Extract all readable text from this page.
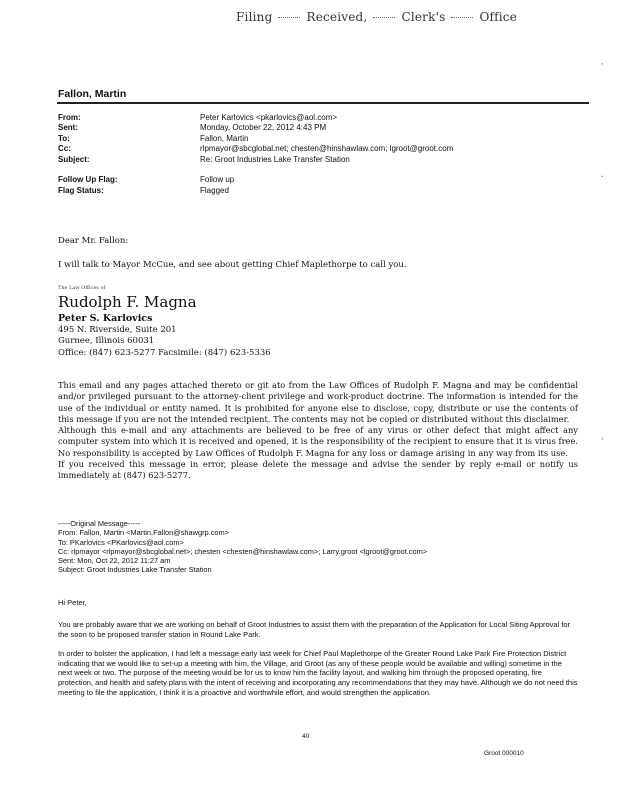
Filing	Received,	Clerk's	Office
·
.
·
Fallon, Martin
From:	Peter Karlovics <pkarlovics@aol.com>
Sent:	Monday, October 22, 2012 4:43 PM
To:	Fallon, Martin
Cc:	rlpmayor@sbcglobal.net; chesten@hinshawlaw.com; lgroot@groot.com
Subject:	Re: Groot Industries Lake Transfer Station
Follow Up Flag:	Follow up
Flag Status:	Flagged
Dear Mr. Fallon:
I will talk to Mayor McCue, and see about getting Chief Maplethorpe to call you.
The Law Offices of
Rudolph F. Magna
Peter S. Karlovics
495 N. Riverside, Suite 201
Gurnee, Illinois 60031
Office: (847) 623-5277 Facsimile: (847) 623-5336

This email and any pages attached thereto or git ato from the Law Offices of Rudolph F. Magna and may be confidential and/or privileged pursuant to the attorney-client privilege and work-product doctrine. The information is intended for the use of the individual or entity named. It is prohibited for anyone else to disclose, copy, distribute or use the contents of this message if you are not the intended recipient. The contents may not be copied or distributed without this disclaimer.

Although this e-mail and any attachments are believed to be free of any virus or other defect that might affect any computer system into which it is received and opened, it is the responsibility of the recipient to ensure that it is virus free. No responsibility is accepted by Law Offices of Rudolph F. Magna for any loss or damage arising in any way from its use.

If you received this message in error, please delete the message and advise the sender by reply e-mail or notify us immediately at (847) 623-5277.

-----Original Message-----
From: Fallon, Martin <Martin.Fallon@shawgrp.com>
To: PKarlovics <PKarlovics@aol.com>
Cc: rlpmayor <rlpmayor@sbcglobal.net>; chesten <chesten@hinshawlaw.com>; Larry.groot <lgroot@groot.com>
Sent: Mon, Oct 22, 2012 11:27 am
Subject: Groot Industries Lake Transfer Station
Hi Peter,
You are probably aware that we are working on behalf of Groot Industries to assist them with the preparation of the Application for Local Siting Approval for the soon to be proposed transfer station in Round Lake Park.
In order to bolster the application, I had left a message early last week for Chief Paul Maplethorpe of the Greater Round Lake Park Fire Protection District indicating that we would like to set-up a meeting with him, the Village, and Groot (as any of these people would be available and willing) sometime in the next week or two. The purpose of the meeting would be for us to know him the facility layout, and walking him through the proposed operating, fire protection, and health and safety plans with the intent of receiving and incorporating any recommendations that they may have. Although we do not need this meeting to file the application, I think it is a proactive and worthwhile effort, and would strengthen the application.
40
Groot 000010
